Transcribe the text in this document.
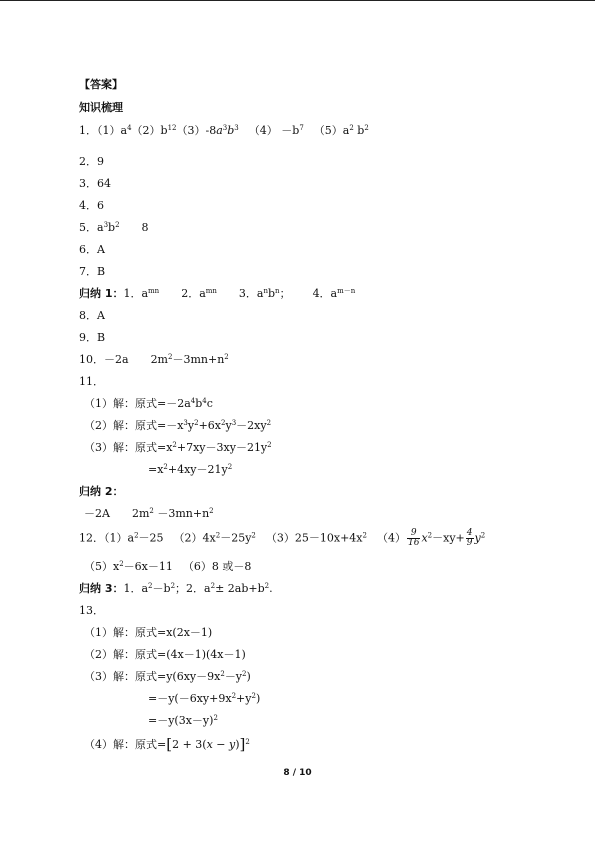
【答案】
知识梳理
1．$(1)a^4(2)b^{12}(3)-8a^3b^3$ $(4) -b^7$ $(5)a^2$ $b^2$
2．9
3．64
4．6
5．$a^3b^2$ 8
6．A
7．B
归纳 1：1．$a^{mn}$ 2．$a^{mn}$ 3．$a^nb^n$； 4．$a^{m-n}$
8．A
9．B
10．－2a $2m^2-3mn+n^2$
11．
（1）解：原式$=-2a^4b^4c$
（2）解：原式$=-x^3y^2+6x^2y^3-2xy^2$
（3）解：原式$=x^2+7xy-3xy-21y^2$
$=x^2+4xy-21y^2$
归纳 2：
－2A $2m^2 -3mn+n^2$
12．$(1)a^2-25$ $(2)4x^2-25y^2$ $(3)25-10x+4x^2$ $(4) \frac{9}{16} x^2-xy+ \frac{4}{9} y^2$
$(5)x^2-6x-11$ （6）8 或－8
归纳 3：1．$a^2-b^2$；2．$a^2\pm 2ab+b^2$.
13．
（1）解：原式=x(2x－1)
（2）解：原式=(4x－1)(4x－1)
（3）解：原式$=y(6xy-9x^2-y^2)$
$=-y(-6xy+9x^2+y^2)$
$=-y(3x-y)^2$
（4）解：原式$=[2 + 3(x - y)]^2$
8 / 10
